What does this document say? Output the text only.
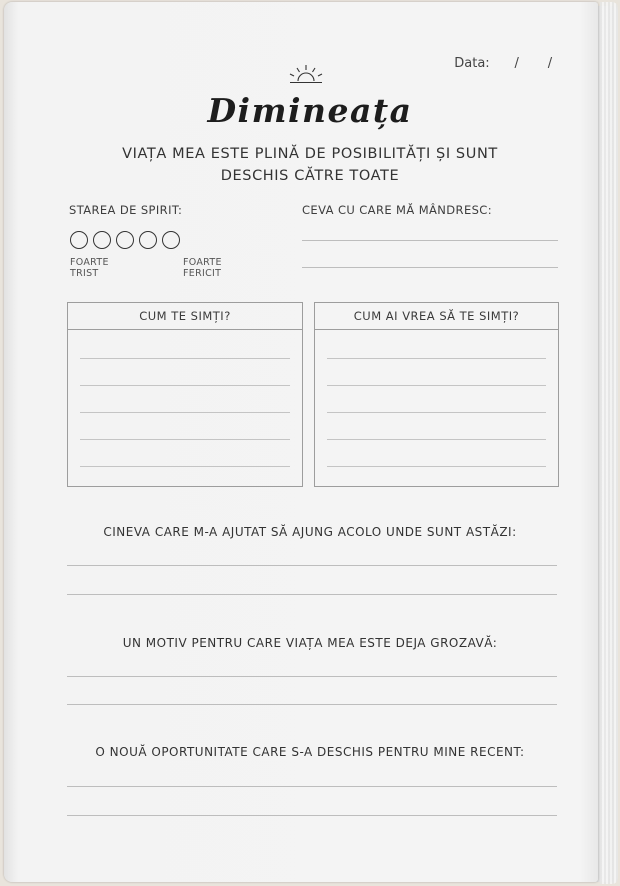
Data: /       /

Dimineața
VIAȚA MEA ESTE PLINĂ DE POSIBILITĂȚI ȘI SUNT
DESCHIS CĂTRE TOATE
STAREA DE SPIRIT:
FOARTE
TRIST
FOARTE
FERICIT
CEVA CU CARE MĂ MÂNDRESC:
CUM TE SIMȚI?	CUM AI VREA SĂ TE SIMȚI?
CINEVA CARE M-A AJUTAT SĂ AJUNG ACOLO UNDE SUNT ASTĂZI:
UN MOTIV PENTRU CARE VIAȚA MEA ESTE DEJA GROZAVĂ:
O NOUĂ OPORTUNITATE CARE S-A DESCHIS PENTRU MINE RECENT:
